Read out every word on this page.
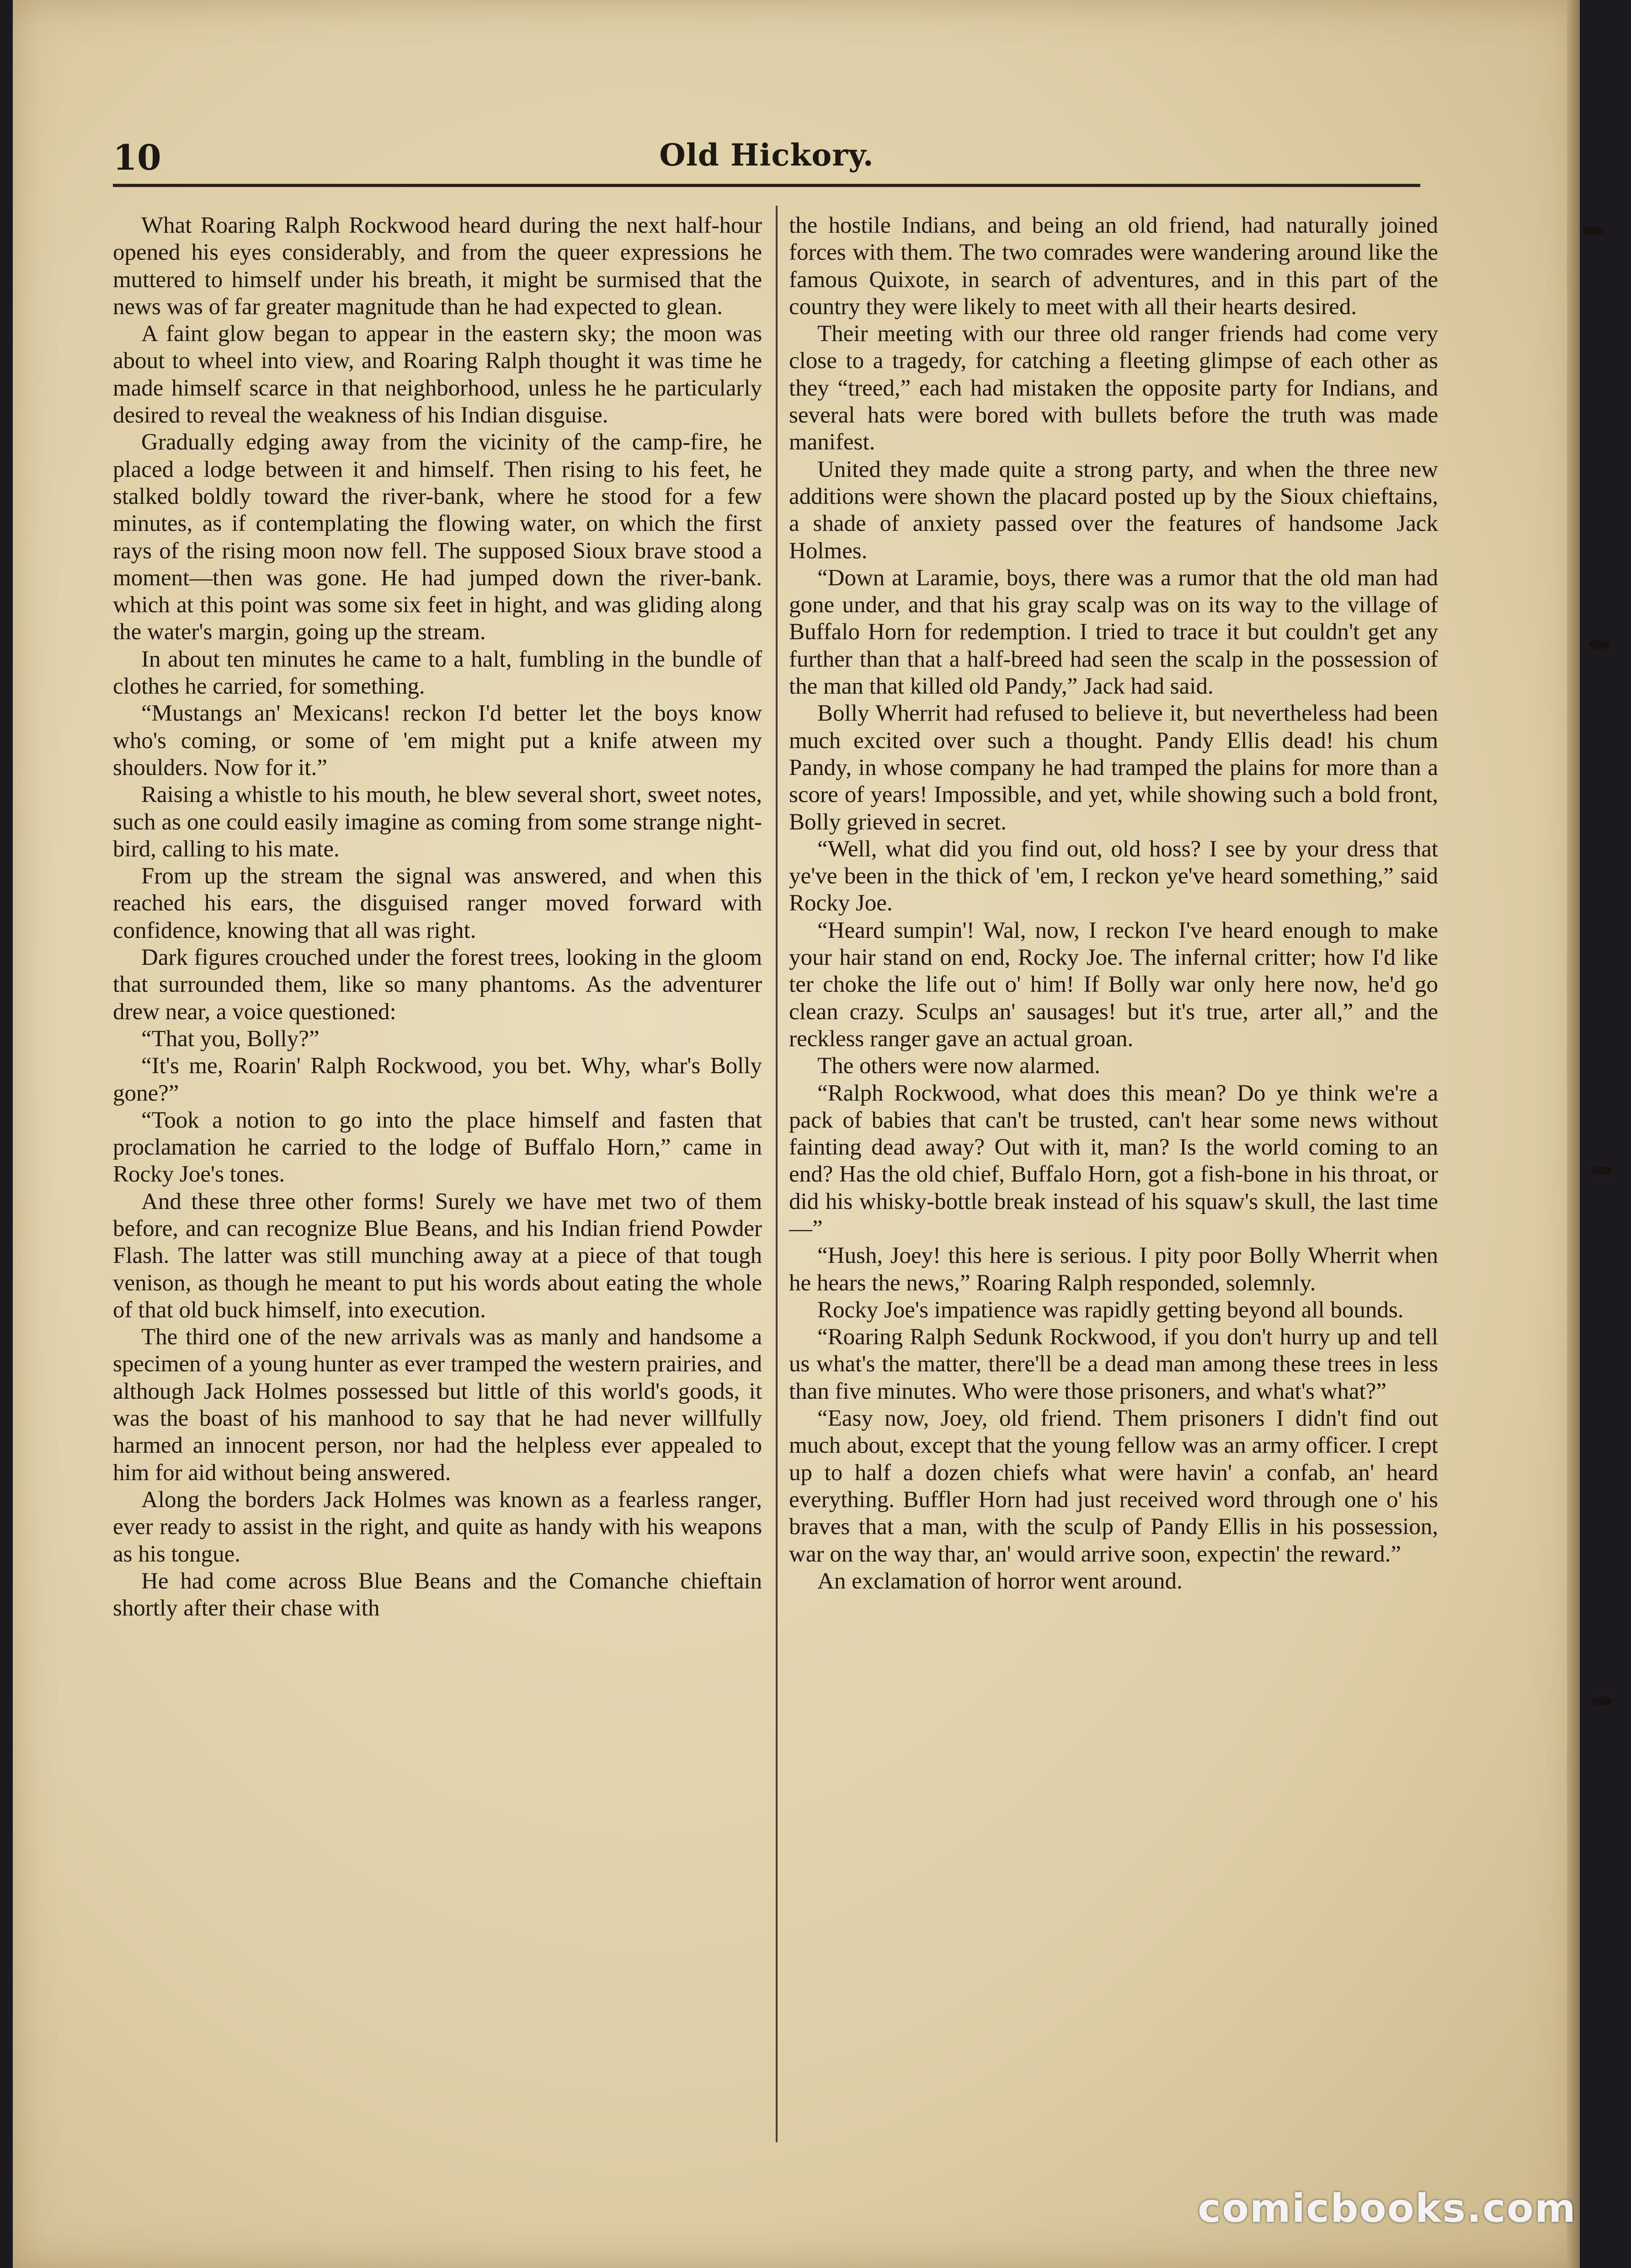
10	Old Hickory.

What Roaring Ralph Rockwood heard during the next half-hour opened his eyes considerably, and from the queer expressions he muttered to himself under his breath, it might be surmised that the news was of far greater magnitude than he had expected to glean.

A faint glow began to appear in the eastern sky; the moon was about to wheel into view, and Roaring Ralph thought it was time he made himself scarce in that neighborhood, unless he he particularly desired to reveal the weakness of his Indian disguise.

Gradually edging away from the vicinity of the camp-fire, he placed a lodge between it and himself. Then rising to his feet, he stalked boldly toward the river-bank, where he stood for a few minutes, as if contemplating the flowing water, on which the first rays of the rising moon now fell. The supposed Sioux brave stood a moment—then was gone. He had jumped down the river-bank. which at this point was some six feet in hight, and was gliding along the water's margin, going up the stream.

In about ten minutes he came to a halt, fumbling in the bundle of clothes he carried, for something.

“Mustangs an' Mexicans! reckon I'd better let the boys know who's coming, or some of 'em might put a knife atween my shoulders. Now for it.”

Raising a whistle to his mouth, he blew several short, sweet notes, such as one could easily imagine as coming from some strange night-bird, calling to his mate.

From up the stream the signal was answered, and when this reached his ears, the disguised ranger moved forward with confidence, knowing that all was right.

Dark figures crouched under the forest trees, looking in the gloom that surrounded them, like so many phantoms. As the adventurer drew near, a voice questioned:

“That you, Bolly?”

“It's me, Roarin' Ralph Rockwood, you bet. Why, whar's Bolly gone?”

“Took a notion to go into the place himself and fasten that proclamation he carried to the lodge of Buffalo Horn,” came in Rocky Joe's tones.

And these three other forms! Surely we have met two of them before, and can recognize Blue Beans, and his Indian friend Powder Flash. The latter was still munching away at a piece of that tough venison, as though he meant to put his words about eating the whole of that old buck himself, into execution.

The third one of the new arrivals was as manly and handsome a specimen of a young hunter as ever tramped the western prairies, and although Jack Holmes possessed but little of this world's goods, it was the boast of his manhood to say that he had never willfully harmed an innocent person, nor had the helpless ever appealed to him for aid without being answered.

Along the borders Jack Holmes was known as a fearless ranger, ever ready to assist in the right, and quite as handy with his weapons as his tongue.

He had come across Blue Beans and the Comanche chieftain shortly after their chase with

the hostile Indians, and being an old friend, had naturally joined forces with them. The two comrades were wandering around like the famous Quixote, in search of adventures, and in this part of the country they were likely to meet with all their hearts desired.

Their meeting with our three old ranger friends had come very close to a tragedy, for catching a fleeting glimpse of each other as they “treed,” each had mistaken the opposite party for Indians, and several hats were bored with bullets before the truth was made manifest.

United they made quite a strong party, and when the three new additions were shown the placard posted up by the Sioux chieftains, a shade of anxiety passed over the features of handsome Jack Holmes.

“Down at Laramie, boys, there was a rumor that the old man had gone under, and that his gray scalp was on its way to the village of Buffalo Horn for redemption. I tried to trace it but couldn't get any further than that a half-breed had seen the scalp in the possession of the man that killed old Pandy,” Jack had said.

Bolly Wherrit had refused to believe it, but nevertheless had been much excited over such a thought. Pandy Ellis dead! his chum Pandy, in whose company he had tramped the plains for more than a score of years! Impossible, and yet, while showing such a bold front, Bolly grieved in secret.

“Well, what did you find out, old hoss? I see by your dress that ye've been in the thick of 'em, I reckon ye've heard something,” said Rocky Joe.

“Heard sumpin'! Wal, now, I reckon I've heard enough to make your hair stand on end, Rocky Joe. The infernal critter; how I'd like ter choke the life out o' him! If Bolly war only here now, he'd go clean crazy. Sculps an' sausages! but it's true, arter all,” and the reckless ranger gave an actual groan.

The others were now alarmed.

“Ralph Rockwood, what does this mean? Do ye think we're a pack of babies that can't be trusted, can't hear some news without fainting dead away? Out with it, man? Is the world coming to an end? Has the old chief, Buffalo Horn, got a fish-bone in his throat, or did his whisky-bottle break instead of his squaw's skull, the last time—”

“Hush, Joey! this here is serious. I pity poor Bolly Wherrit when he hears the news,” Roaring Ralph responded, solemnly.

Rocky Joe's impatience was rapidly getting beyond all bounds.

“Roaring Ralph Sedunk Rockwood, if you don't hurry up and tell us what's the matter, there'll be a dead man among these trees in less than five minutes. Who were those prisoners, and what's what?”

“Easy now, Joey, old friend. Them prisoners I didn't find out much about, except that the young fellow was an army officer. I crept up to half a dozen chiefs what were havin' a confab, an' heard everything. Buffler Horn had just received word through one o' his braves that a man, with the sculp of Pandy Ellis in his possession, war on the way thar, an' would arrive soon, expectin' the reward.”

An exclamation of horror went around.

comicbooks.com
